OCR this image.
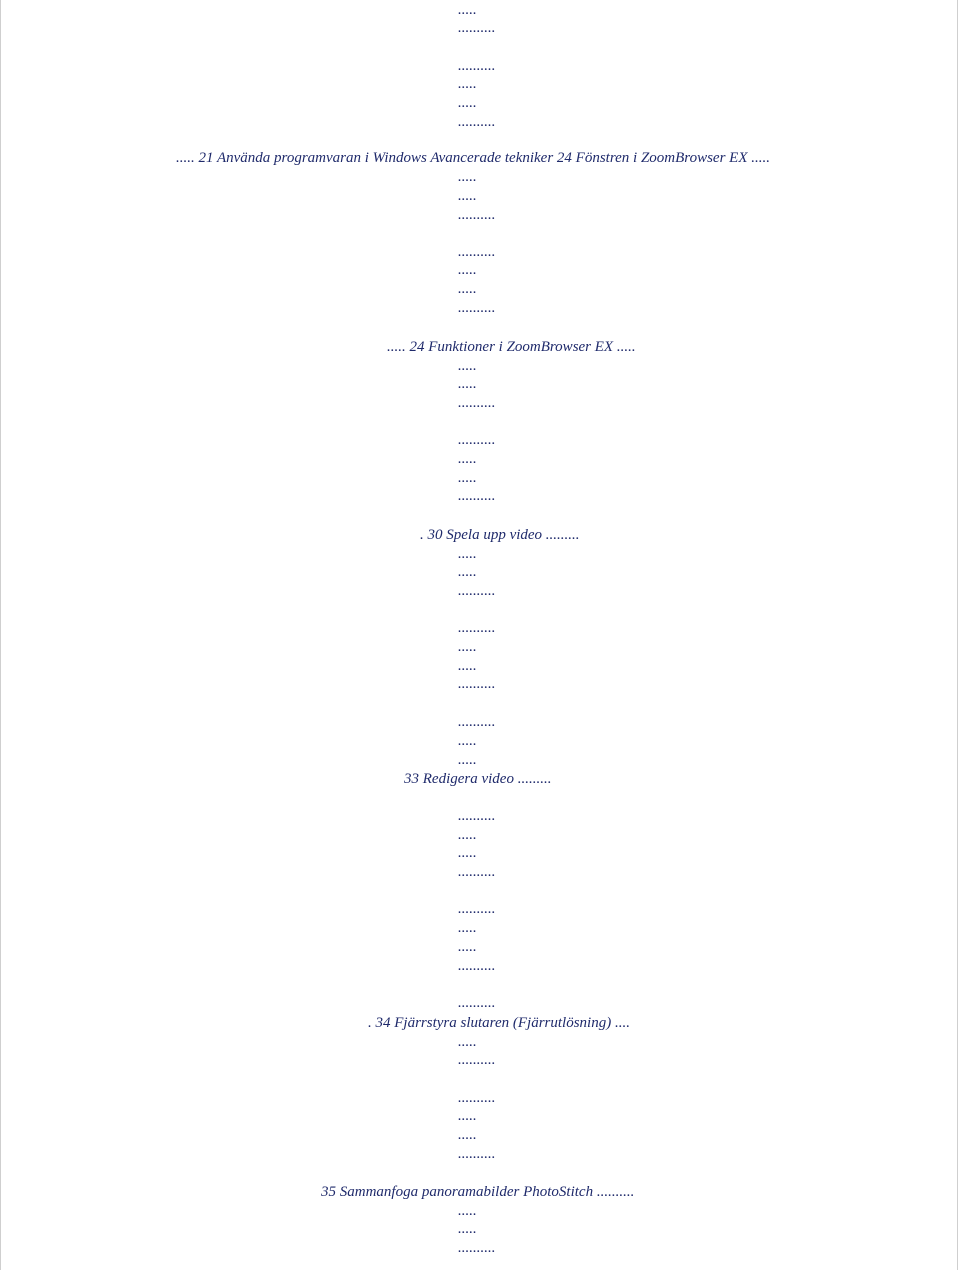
.....
..........
..........
.....
.....
..........
..... 21 Använda programvaran i Windows Avancerade tekniker 24 Fönstren i ZoomBrowser EX .....
.....
.....
..........
..........
.....
.....
..........
..... 24 Funktioner i ZoomBrowser EX .....
.....
.....
..........
..........
.....
.....
..........
. 30 Spela upp video .........
.....
.....
..........
..........
.....
.....
..........
..........
.....
.....
33 Redigera video .........
..........
.....
.....
..........
..........
.....
.....
..........
..........
. 34 Fjärrstyra slutaren (Fjärrutlösning) ....
.....
..........
..........
.....
.....
..........
35 Sammanfoga panoramabilder PhotoStitch ..........
.....
.....
..........
